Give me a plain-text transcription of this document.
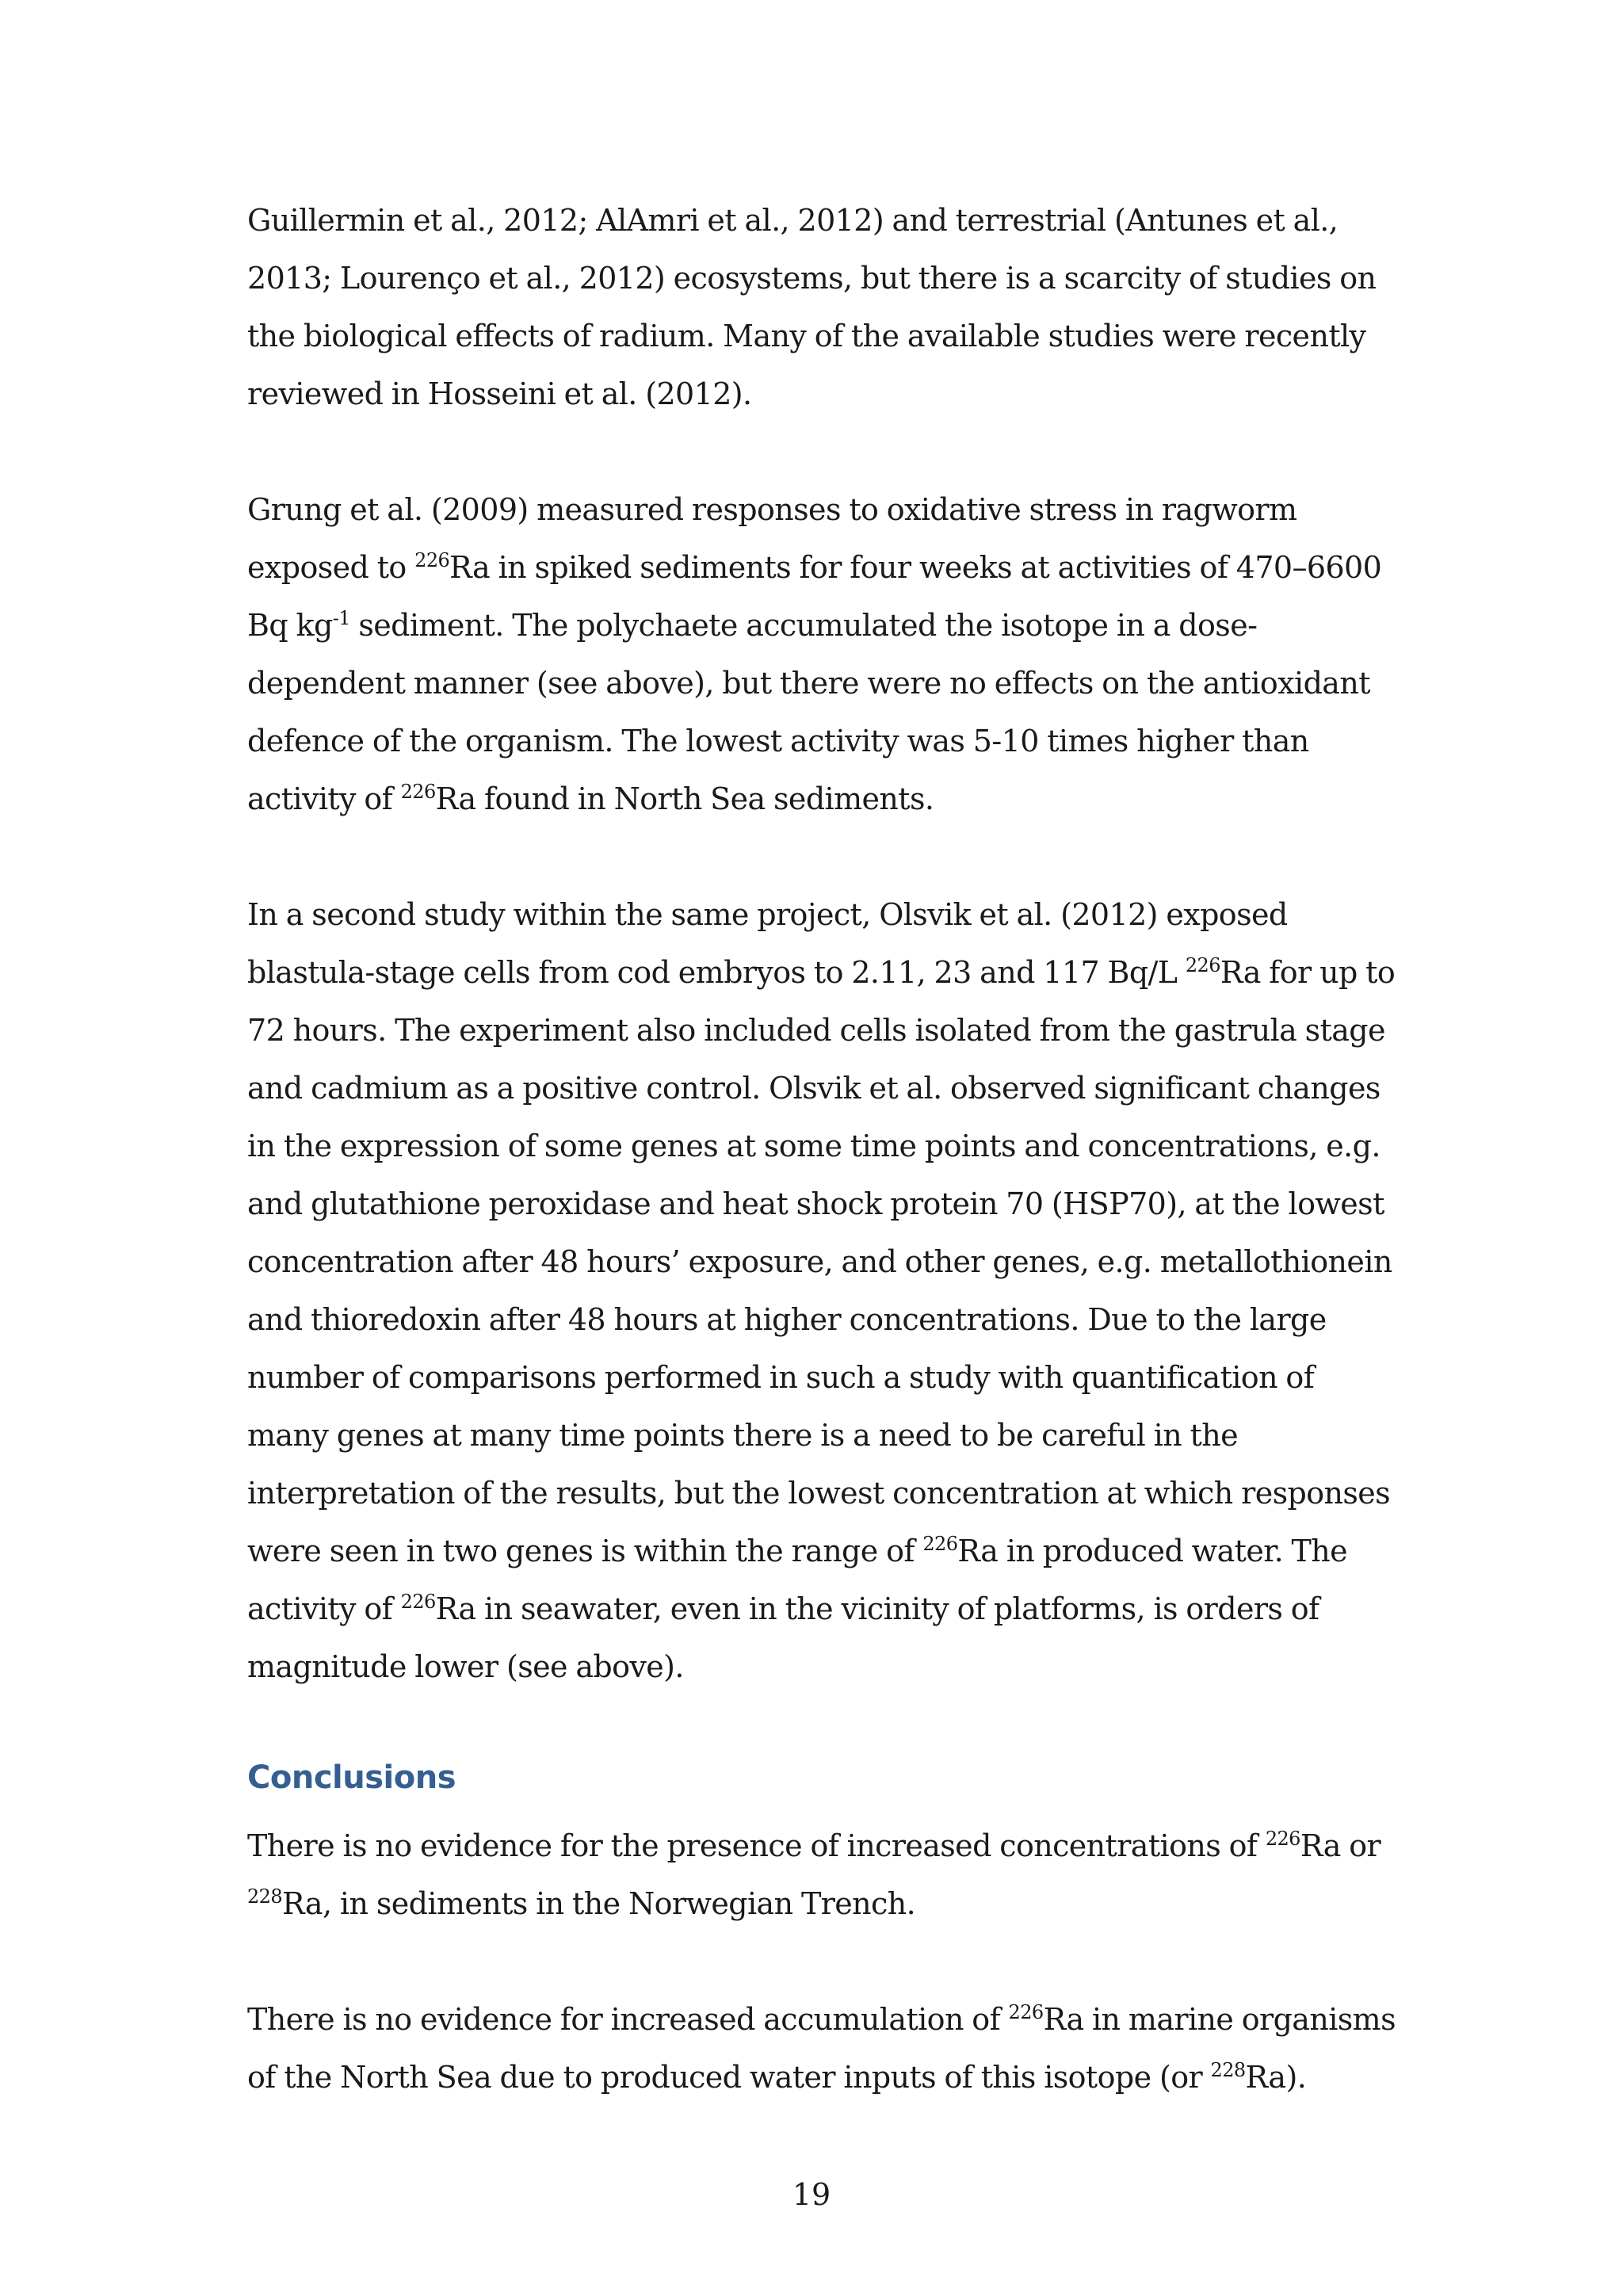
Guillermin et al., 2012; AlAmri et al., 2012) and terrestrial (Antunes et al., 2013; Lourenço et al., 2012) ecosystems, but there is a scarcity of studies on the biological effects of radium. Many of the available studies were recently reviewed in Hosseini et al. (2012).

Grung et al. (2009) measured responses to oxidative stress in ragworm exposed to $^{226}$Ra in spiked sediments for four weeks at activities of 470–6600 Bq $kg^{-1}$ sediment. The polychaete accumulated the isotope in a dose-dependent manner (see above), but there were no effects on the antioxidant defence of the organism. The lowest activity was 5-10 times higher than activity of $^{226}$Ra found in North Sea sediments.

In a second study within the same project, Olsvik et al. (2012) exposed blastula-stage cells from cod embryos to 2.11, 23 and 117 Bq/L $^{226}$Ra for up to 72 hours. The experiment also included cells isolated from the gastrula stage and cadmium as a positive control. Olsvik et al. observed significant changes in the expression of some genes at some time points and concentrations, e.g. and glutathione peroxidase and heat shock protein 70 (HSP70), at the lowest concentration after 48 hours’ exposure, and other genes, e.g. metallothionein and thioredoxin after 48 hours at higher concentrations. Due to the large number of comparisons performed in such a study with quantification of many genes at many time points there is a need to be careful in the interpretation of the results, but the lowest concentration at which responses were seen in two genes is within the range of $^{226}$Ra in produced water. The activity of $^{226}$Ra in seawater, even in the vicinity of platforms, is orders of magnitude lower (see above).

Conclusions

There is no evidence for the presence of increased concentrations of $^{226}$Ra or $^{228}$Ra, in sediments in the Norwegian Trench.

There is no evidence for increased accumulation of $^{226}$Ra in marine organisms of the North Sea due to produced water inputs of this isotope (or $^{228}$Ra).

19
